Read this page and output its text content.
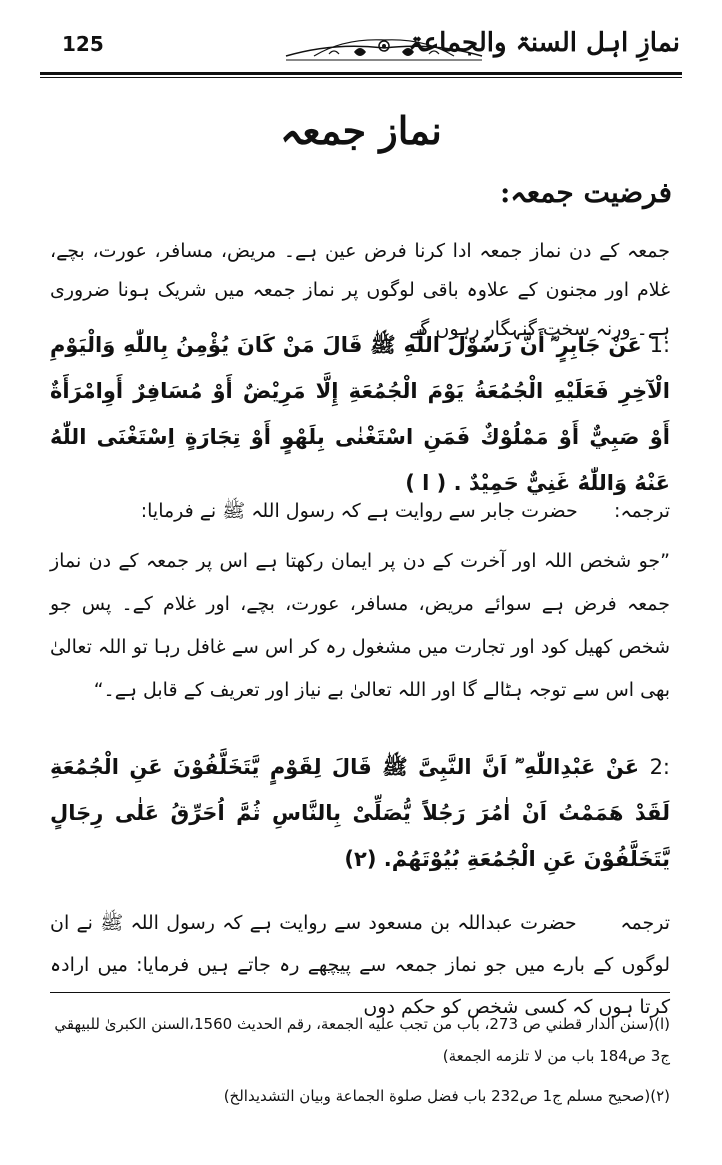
125	نمازِ اہل السنۃ والجماعۃ
نماز جمعہ
فرضیت جمعہ:
جمعہ کے دن نماز جمعہ ادا کرنا فرض عین ہے۔ مریض، مسافر، عورت، بچے، غلام اور مجنون کے علاوہ باقی لوگوں پر نماز جمعہ میں شریک ہونا ضروری ہے۔ ورنہ سخت گنہگار رہوں گے
1: عَنْ جَابِرٍ ؓ أَنَّ رَسُوْلَ اللّٰهِ ﷺ قَالَ مَنْ كَانَ يُؤْمِنُ بِاللّٰهِ وَالْيَوْمِ الْآخِرِ فَعَلَيْهِ الْجُمُعَةُ يَوْمَ الْجُمُعَةِ إِلَّا مَرِيْضٌ أَوْ مُسَافِرٌ أَوِامْرَأَةٌ أَوْ صَبِيٌّ أَوْ مَمْلُوْكٌ فَمَنِ اسْتَغْنٰى بِلَهْوٍ أَوْ تِجَارَةٍ اِسْتَغْنَى اللّٰهُ عَنْهُ وَاللّٰهُ غَنِيٌّ حَمِيْدٌ . ( ا )
ترجمہ:      حضرت جابر سے روایت ہے کہ رسول اللہ ﷺ نے فرمایا:
”جو شخص اللہ اور آخرت کے دن پر ایمان رکھتا ہے اس پر جمعہ کے دن نماز جمعہ فرض ہے سوائے مریض، مسافر، عورت، بچے، اور غلام کے۔ پس جو شخص کھیل کود اور تجارت میں مشغول رہ کر اس سے غافل رہا تو اللہ تعالیٰ بھی اس سے توجہ ہٹالے گا اور اللہ تعالیٰ بے نیاز اور تعریف کے قابل ہے۔“
2: عَنْ عَبْدِاللّٰهِ ؓ اَنَّ النَّبِىَّ ﷺ قَالَ لِقَوْمٍ يَّتَخَلَّفُوْنَ عَنِ الْجُمُعَةِ لَقَدْ هَمَمْتُ اَنْ اٰمُرَ رَجُلاً يُّصَلِّىْ بِالنَّاسِ ثُمَّ اُحَرِّقُ عَلٰى رِجَالٍ يَّتَخَلَّفُوْنَ عَنِ الْجُمُعَةِ بُيُوْتَهُمْ. (٢)
ترجمہ      حضرت عبداللہ بن مسعود سے روایت ہے کہ رسول اللہ ﷺ نے ان لوگوں کے بارے میں جو نماز جمعہ سے پیچھے رہ جاتے ہیں فرمایا: میں ارادہ کرتا ہوں کہ کسی شخص کو حکم دوں
(ا)(سنن الدار قطني ص 273، باب من تجب عليه الجمعة، رقم الحديث 1560،السنن الكبرىٰ للبيهقي ج3 ص184 باب من لا تلزمه الجمعة)
(٢)(صحيح مسلم ج1 ص232 باب فضل صلوة الجماعة وبيان التشديدالخ)
